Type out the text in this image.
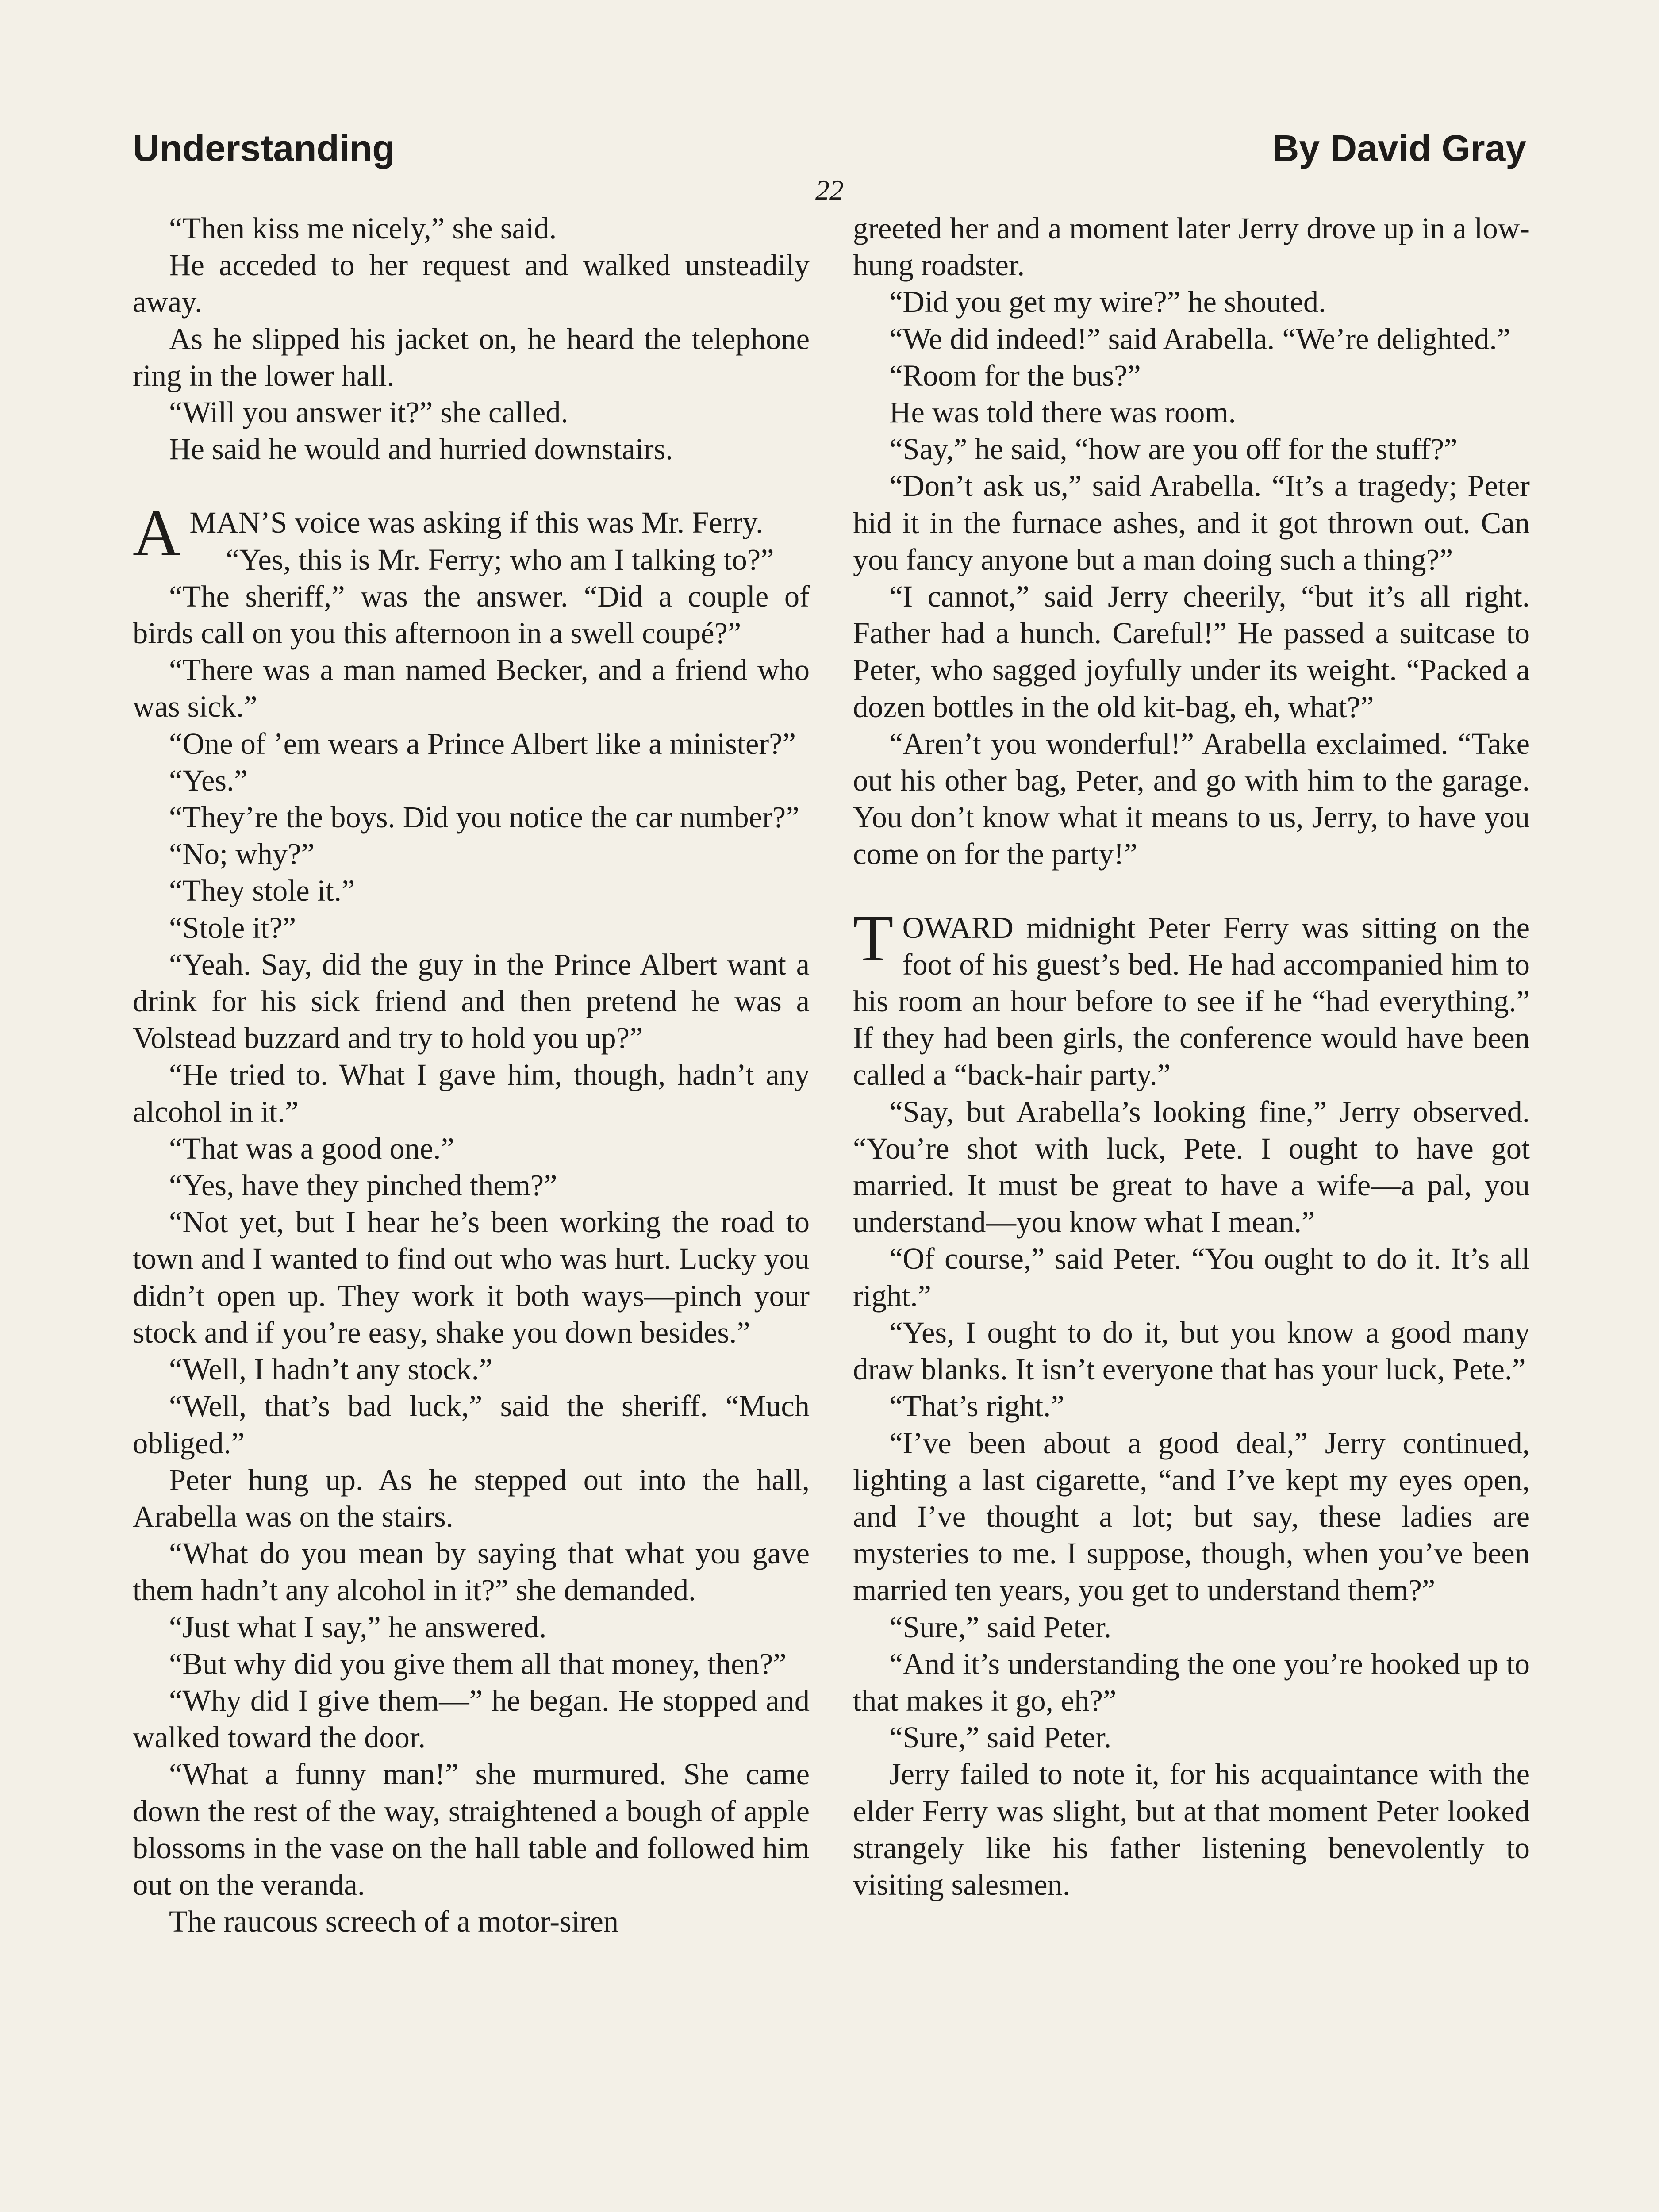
Understanding	By David Gray
22

“Then kiss me nicely,” she said.

He acceded to her request and walked unsteadily away.

As he slipped his jacket on, he heard the telephone ring in the lower hall.

“Will you answer it?” she called.

He said he would and hurried downstairs.

AMAN’S voice was asking if this was Mr. Ferry.

“Yes, this is Mr. Ferry; who am I talking to?”

“The sheriff,” was the answer. “Did a couple of birds call on you this afternoon in a swell coupé?”

“There was a man named Becker, and a friend who was sick.”

“One of ’em wears a Prince Albert like a minister?”

“Yes.”

“They’re the boys. Did you notice the car number?”

“No; why?”

“They stole it.”

“Stole it?”

“Yeah. Say, did the guy in the Prince Albert want a drink for his sick friend and then pretend he was a Volstead buzzard and try to hold you up?”

“He tried to. What I gave him, though, hadn’t any alcohol in it.”

“That was a good one.”

“Yes, have they pinched them?”

“Not yet, but I hear he’s been working the road to town and I wanted to find out who was hurt. Lucky you didn’t open up. They work it both ways—pinch your stock and if you’re easy, shake you down besides.”

“Well, I hadn’t any stock.”

“Well, that’s bad luck,” said the sheriff. “Much obliged.”

Peter hung up. As he stepped out into the hall, Arabella was on the stairs.

“What do you mean by saying that what you gave them hadn’t any alcohol in it?” she demanded.

“Just what I say,” he answered.

“But why did you give them all that money, then?”

“Why did I give them—” he began. He stopped and walked toward the door.

“What a funny man!” she murmured. She came down the rest of the way, straightened a bough of apple blossoms in the vase on the hall table and followed him out on the veranda.

The raucous screech of a motor-siren

greeted her and a moment later Jerry drove up in a low-hung roadster.

“Did you get my wire?” he shouted.

“We did indeed!” said Arabella. “We’re delighted.”

“Room for the bus?”

He was told there was room.

“Say,” he said, “how are you off for the stuff?”

“Don’t ask us,” said Arabella. “It’s a tragedy; Peter hid it in the furnace ashes, and it got thrown out. Can you fancy anyone but a man doing such a thing?”

“I cannot,” said Jerry cheerily, “but it’s all right. Father had a hunch. Careful!” He passed a suitcase to Peter, who sagged joyfully under its weight. “Packed a dozen bottles in the old kit-bag, eh, what?”

“Aren’t you wonderful!” Arabella exclaimed. “Take out his other bag, Peter, and go with him to the garage. You don’t know what it means to us, Jerry, to have you come on for the party!”

TOWARD midnight Peter Ferry was sitting on the foot of his guest’s bed. He had accompanied him to his room an hour before to see if he “had everything.” If they had been girls, the conference would have been called a “back-hair party.”

“Say, but Arabella’s looking fine,” Jerry observed. “You’re shot with luck, Pete. I ought to have got married. It must be great to have a wife—a pal, you understand—you know what I mean.”

“Of course,” said Peter. “You ought to do it. It’s all right.”

“Yes, I ought to do it, but you know a good many draw blanks. It isn’t everyone that has your luck, Pete.”

“That’s right.”

“I’ve been about a good deal,” Jerry continued, lighting a last cigarette, “and I’ve kept my eyes open, and I’ve thought a lot; but say, these ladies are mysteries to me. I suppose, though, when you’ve been married ten years, you get to understand them?”

“Sure,” said Peter.

“And it’s understanding the one you’re hooked up to that makes it go, eh?”

“Sure,” said Peter.

Jerry failed to note it, for his acquaintance with the elder Ferry was slight, but at that moment Peter looked strangely like his father listening benevolently to visiting salesmen.
